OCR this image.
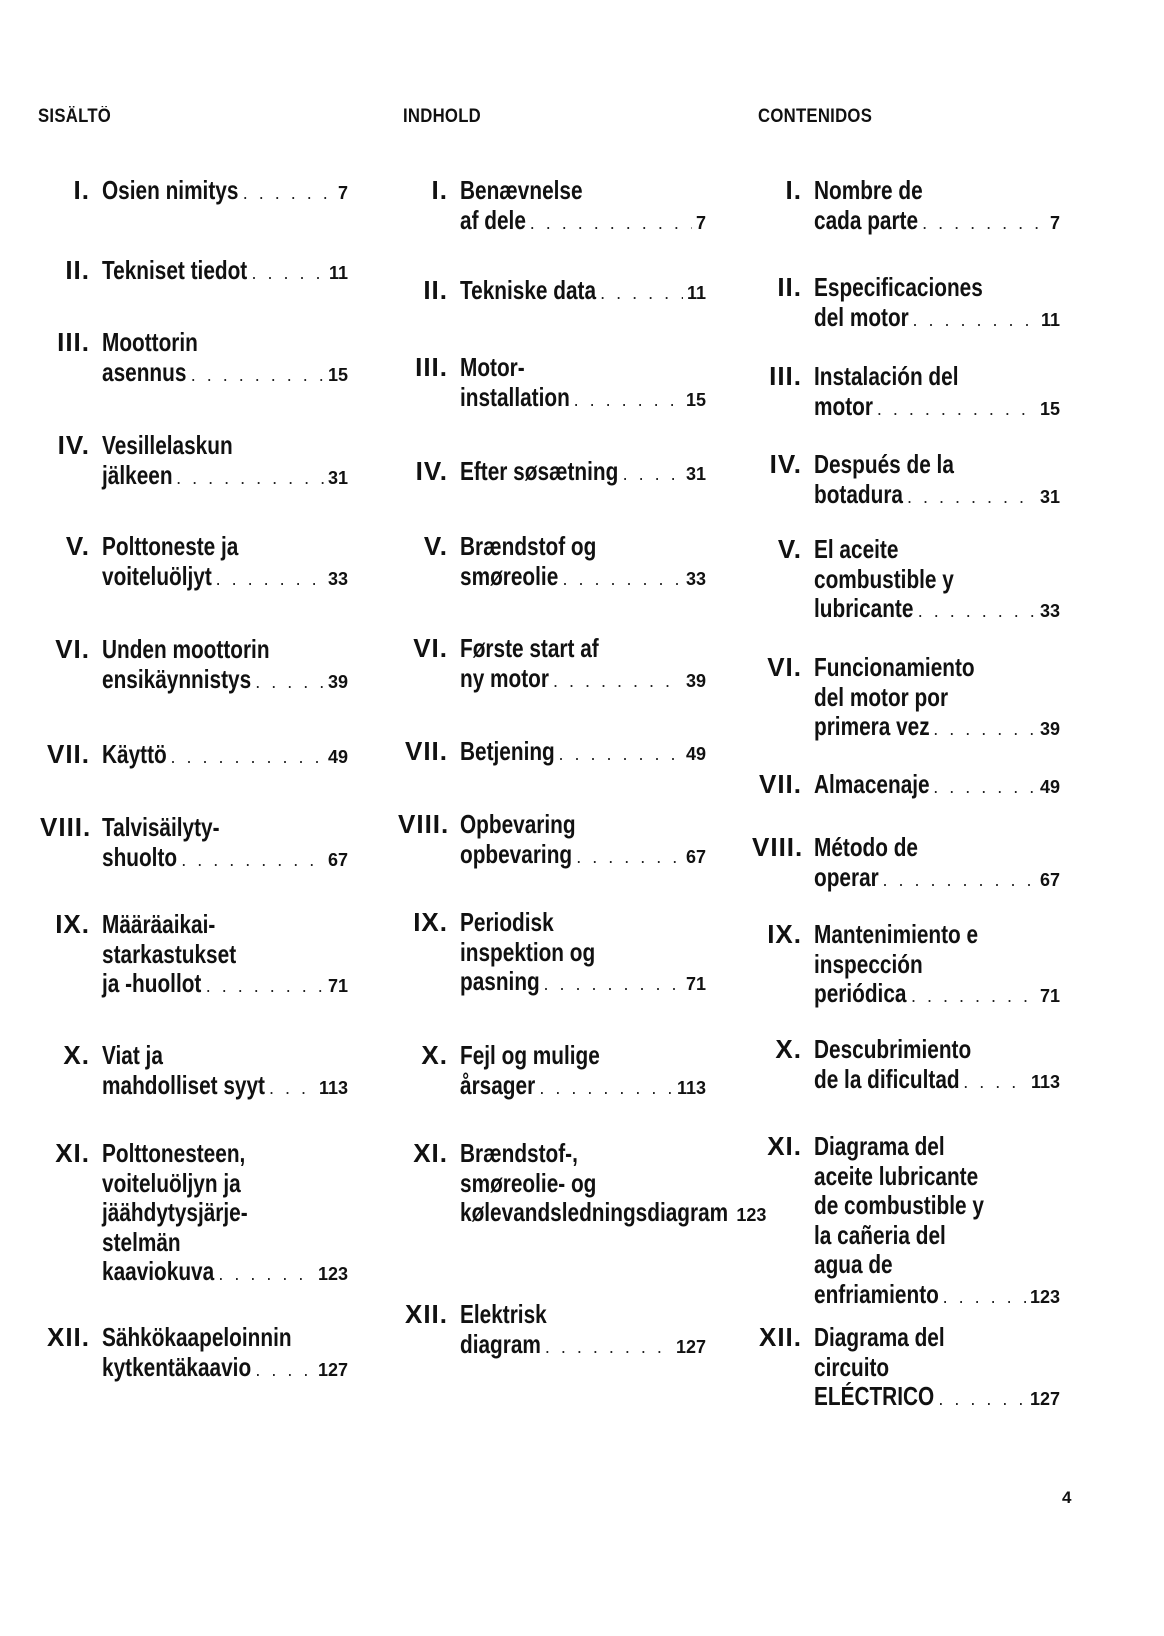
SISÄLTÖ	INDHOLD	CONTENIDOS
I. Osien nimitys . . .	7
II. Tekniset tiedot . . .	11
III. Moottorin
asennus . . .	15
IV. Vesillelaskun
jälkeen . . .	31
V. Polttoneste ja
voiteluöljyt . . .	33
VI. Unden moottorin
ensikäynnistys . . .	39
VII. Käyttö . . .	49
VIII. Talvisäilyty-
shuolto . . .	67
IX. Määräaikai-
starkastukset
ja -huollot . . .	71
X. Viat ja
mahdolliset syyt . . .	113
XI. Polttonesteen,
voiteluöljyn ja
jäähdytysjärje-
stelmän
kaaviokuva . . .	123
XII. Sähkökaapeloinnin
kytkentäkaavio . . .	127
I. Benævnelse
af dele . . .	7
II. Tekniske data . . .	11
III. Motor-
installation . . .	15
IV. Efter søsætning . . .	31
V. Brændstof og
smøreolie . . .	33
VI. Første start af
ny motor . . .	39
VII. Betjening . . .	49
VIII. Opbevaring
opbevaring . . .	67
IX. Periodisk
inspektion og
pasning . . .	71
X. Fejl og mulige
årsager . . .	113
XI. Brændstof-,
smøreolie- og
kølevandsledningsdiagram 123
XII. Elektrisk
diagram . . .	127
I. Nombre de
cada parte . . .	7
II. Especificaciones
del motor . . .	11
III. Instalación del
motor . . .	15
IV. Después de la
botadura . . .	31
V. El aceite
combustible y
lubricante . . .	33
VI. Funcionamiento
del motor por
primera vez . . .	39
VII. Almacenaje . . .	49
VIII. Método de
operar . . .	67
IX. Mantenimiento e
inspección
periódica . . .	71
X. Descubrimiento
de la dificultad . . .	113
XI. Diagrama del
aceite lubricante
de combustible y
la cañeria del
agua de
enfriamiento . . .	123
XII. Diagrama del
circuito
ELÉCTRICO . . .	127
4
